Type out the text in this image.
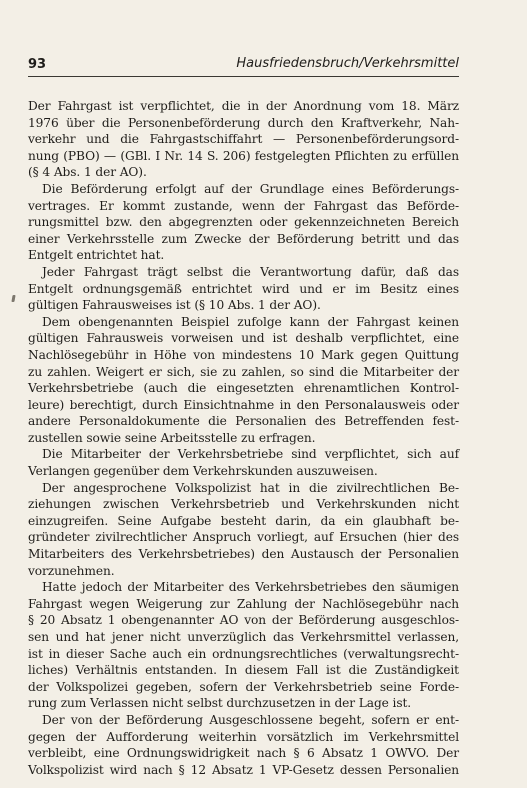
93	Hausfriedensbruch/Verkehrsmittel
Der Fahrgast ist verpflichtet, die in der Anordnung vom 18. März
1976 über die Personenbeförderung durch den Kraftverkehr, Nah-
verkehr und die Fahrgastschiffahrt — Personenbeförderungsord-
nung (PBO) — (GBl. I Nr. 14 S. 206) festgelegten Pflichten zu erfüllen
(§ 4 Abs. 1 der AO).
Die Beförderung erfolgt auf der Grundlage eines Beförderungs-
vertrages. Er kommt zustande, wenn der Fahrgast das Beförde-
rungsmittel bzw. den abgegrenzten oder gekennzeichneten Bereich
einer Verkehrsstelle zum Zwecke der Beförderung betritt und das
Entgelt entrichtet hat.
Jeder Fahrgast trägt selbst die Verantwortung dafür, daß das
Entgelt ordnungsgemäß entrichtet wird und er im Besitz eines
gültigen Fahrausweises ist (§ 10 Abs. 1 der AO).
Dem obengenannten Beispiel zufolge kann der Fahrgast keinen
gültigen Fahrausweis vorweisen und ist deshalb verpflichtet, eine
Nachlösegebühr in Höhe von mindestens 10 Mark gegen Quittung
zu zahlen. Weigert er sich, sie zu zahlen, so sind die Mitarbeiter der
Verkehrsbetriebe (auch die eingesetzten ehrenamtlichen Kontrol-
leure) berechtigt, durch Einsichtnahme in den Personalausweis oder
andere Personaldokumente die Personalien des Betreffenden fest-
zustellen sowie seine Arbeitsstelle zu erfragen.
Die Mitarbeiter der Verkehrsbetriebe sind verpflichtet, sich auf
Verlangen gegenüber dem Verkehrskunden auszuweisen.
Der angesprochene Volkspolizist hat in die zivilrechtlichen Be-
ziehungen zwischen Verkehrsbetrieb und Verkehrskunden nicht
einzugreifen. Seine Aufgabe besteht darin, da ein glaubhaft be-
gründeter zivilrechtlicher Anspruch vorliegt, auf Ersuchen (hier des
Mitarbeiters des Verkehrsbetriebes) den Austausch der Personalien
vorzunehmen.
Hatte jedoch der Mitarbeiter des Verkehrsbetriebes den säumigen
Fahrgast wegen Weigerung zur Zahlung der Nachlösegebühr nach
§ 20 Absatz 1 obengenannter AO von der Beförderung ausgeschlos-
sen und hat jener nicht unverzüglich das Verkehrsmittel verlassen,
ist in dieser Sache auch ein ordnungsrechtliches (verwaltungsrecht-
liches) Verhältnis entstanden. In diesem Fall ist die Zuständigkeit
der Volkspolizei gegeben, sofern der Verkehrsbetrieb seine Forde-
rung zum Verlassen nicht selbst durchzusetzen in der Lage ist.
Der von der Beförderung Ausgeschlossene begeht, sofern er ent-
gegen der Aufforderung weiterhin vorsätzlich im Verkehrsmittel
verbleibt, eine Ordnungswidrigkeit nach § 6 Absatz 1 OWVO. Der
Volkspolizist wird nach § 12 Absatz 1 VP-Gesetz dessen Personalien
